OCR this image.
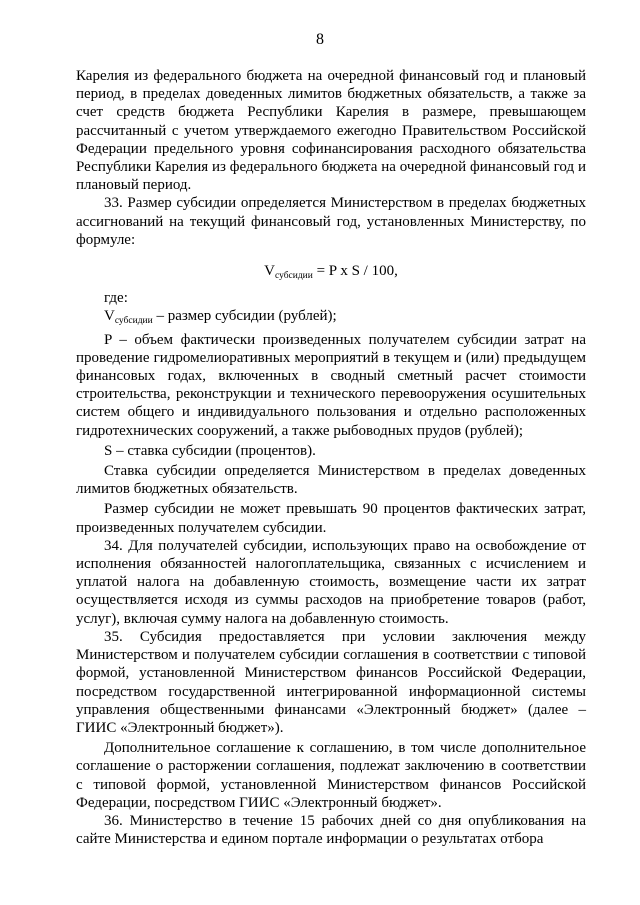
8

Карелия из федерального бюджета на очередной финансовый год и плановый период, в пределах доведенных лимитов бюджетных обязательств, а также за счет средств бюджета Республики Карелия в размере, превышающем рассчитанный с учетом утверждаемого ежегодно Правительством Российской Федерации предельного уровня софинансирования расходного обязательства Республики Карелия из федерального бюджета на очередной финансовый год и плановый период.

33. Размер субсидии определяется Министерством в пределах бюджетных ассигнований на текущий финансовый год, установленных Министерству, по формуле:

$V_{субсидии} = P$ x S / 100,

где:

$V_{субсидии}$ – размер субсидии (рублей);

P – объем фактически произведенных получателем субсидии затрат на проведение гидромелиоративных мероприятий в текущем и (или) предыдущем финансовых годах, включенных в сводный сметный расчет стоимости строительства, реконструкции и технического перевооружения осушительных систем общего и индивидуального пользования и отдельно расположенных гидротехнических сооружений, а также рыбоводных прудов (рублей);

S – ставка субсидии (процентов).

Ставка субсидии определяется Министерством в пределах доведенных лимитов бюджетных обязательств.

Размер субсидии не может превышать 90 процентов фактических затрат, произведенных получателем субсидии.

34. Для получателей субсидии, использующих право на освобождение от исполнения обязанностей налогоплательщика, связанных с исчислением и уплатой налога на добавленную стоимость, возмещение части их затрат осуществляется исходя из суммы расходов на приобретение товаров (работ, услуг), включая сумму налога на добавленную стоимость.

35. Субсидия предоставляется при условии заключения между Министерством и получателем субсидии соглашения в соответствии с типовой формой, установленной Министерством финансов Российской Федерации, посредством государственной интегрированной информационной системы управления общественными финансами «Электронный бюджет» (далее – ГИИС «Электронный бюджет»).

Дополнительное соглашение к соглашению, в том числе дополнительное соглашение о расторжении соглашения, подлежат заключению в соответствии с типовой формой, установленной Министерством финансов Российской Федерации, посредством ГИИС «Электронный бюджет».

36. Министерство в течение 15 рабочих дней со дня опубликования на сайте Министерства и едином портале информации о результатах отбора
